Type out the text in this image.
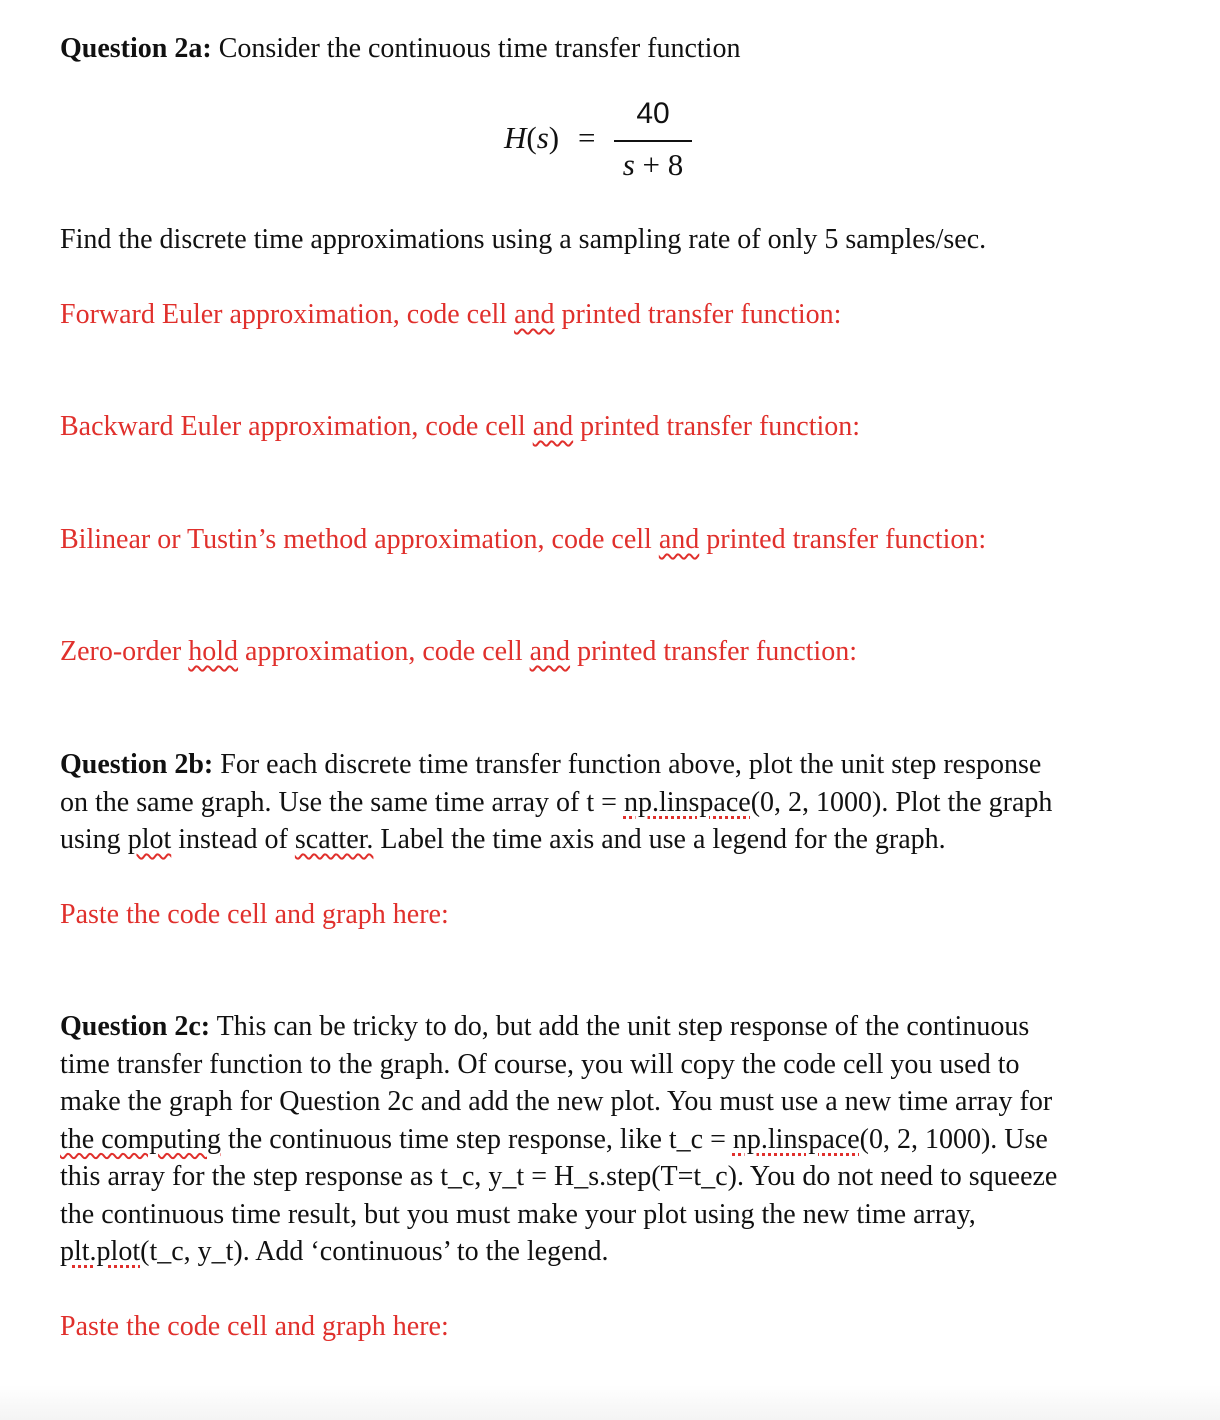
Question 2a: Consider the continuous time transfer function
H(s) =
40
s + 8
Find the discrete time approximations using a sampling rate of only 5 samples/sec.
Forward Euler approximation, code cell and printed transfer function:
Backward Euler approximation, code cell and printed transfer function:
Bilinear or Tustin’s method approximation, code cell and printed transfer function:
Zero-order hold approximation, code cell and printed transfer function:
Question 2b: For each discrete time transfer function above, plot the unit step response
on the same graph. Use the same time array of t = np.linspace(0, 2, 1000). Plot the graph
using plot instead of scatter. Label the time axis and use a legend for the graph.
Paste the code cell and graph here:
Question 2c: This can be tricky to do, but add the unit step response of the continuous
time transfer function to the graph. Of course, you will copy the code cell you used to
make the graph for Question 2c and add the new plot. You must use a new time array for
the computing the continuous time step response, like t_c = np.linspace(0, 2, 1000). Use
this array for the step response as t_c, y_t = H_s.step(T=t_c). You do not need to squeeze
the continuous time result, but you must make your plot using the new time array,
plt.plot(t_c, y_t). Add ‘continuous’ to the legend.
Paste the code cell and graph here:
